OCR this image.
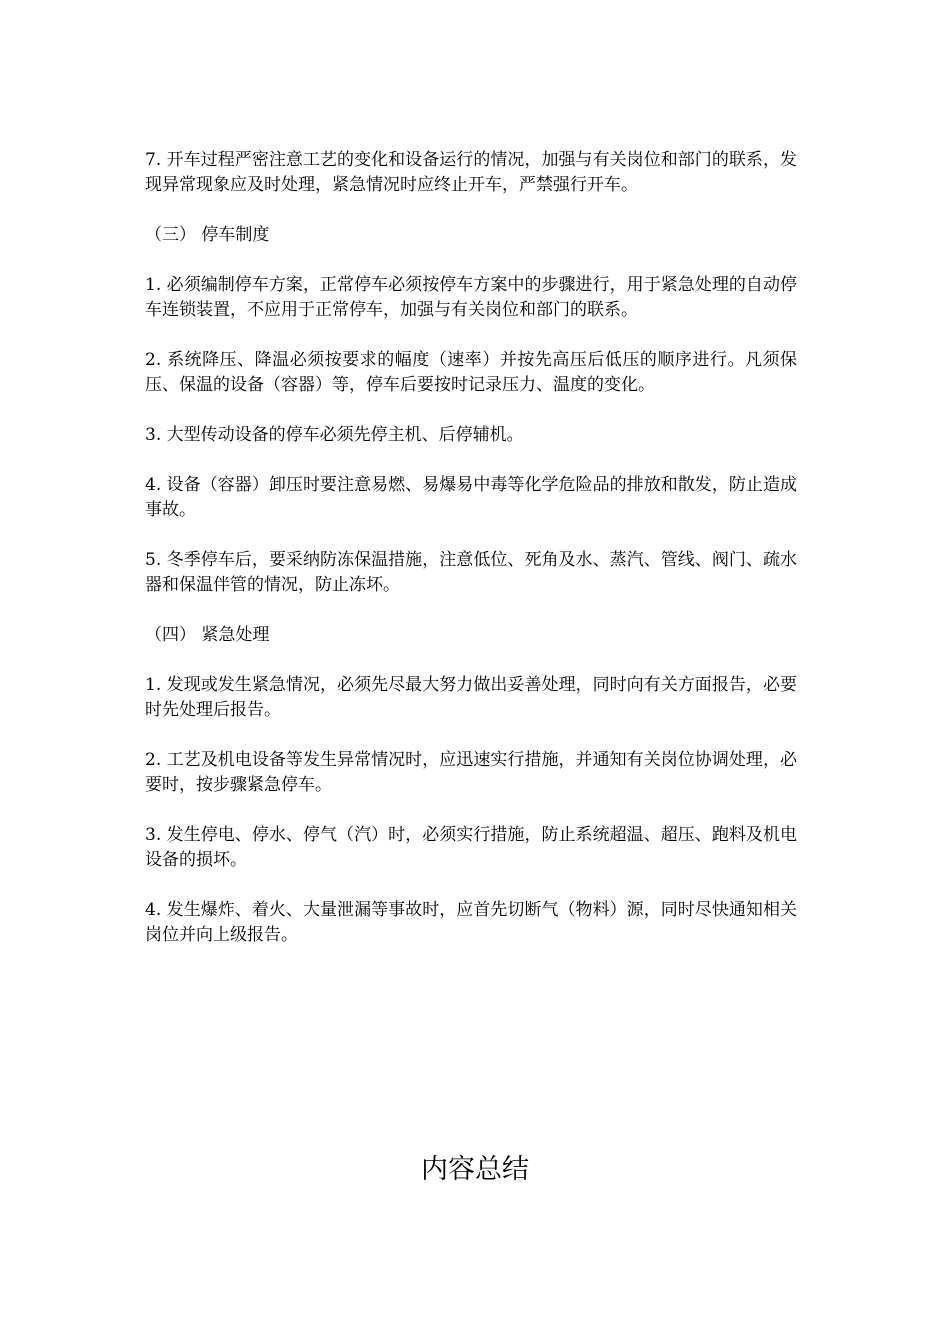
7. 开车过程严密注意工艺的变化和设备运行的情况，加强与有关岗位和部门的联系，发现异常现象应及时处理，紧急情况时应终止开车，严禁强行开车。

（三） 停车制度

1. 必须编制停车方案，正常停车必须按停车方案中的步骤进行，用于紧急处理的自动停车连锁装置，不应用于正常停车，加强与有关岗位和部门的联系。

2. 系统降压、降温必须按要求的幅度（速率）并按先高压后低压的顺序进行。凡须保压、保温的设备（容器）等，停车后要按时记录压力、温度的变化。

3. 大型传动设备的停车必须先停主机、后停辅机。

4. 设备（容器）卸压时要注意易燃、易爆易中毒等化学危险品的排放和散发，防止造成事故。

5. 冬季停车后，要采纳防冻保温措施，注意低位、死角及水、蒸汽、管线、阀门、疏水器和保温伴管的情况，防止冻坏。

（四） 紧急处理

1. 发现或发生紧急情况，必须先尽最大努力做出妥善处理，同时向有关方面报告，必要时先处理后报告。

2. 工艺及机电设备等发生异常情况时，应迅速实行措施，并通知有关岗位协调处理，必要时，按步骤紧急停车。

3. 发生停电、停水、停气（汽）时，必须实行措施，防止系统超温、超压、跑料及机电设备的损坏。

4. 发生爆炸、着火、大量泄漏等事故时，应首先切断气（物料）源，同时尽快通知相关岗位并向上级报告。

内容总结
